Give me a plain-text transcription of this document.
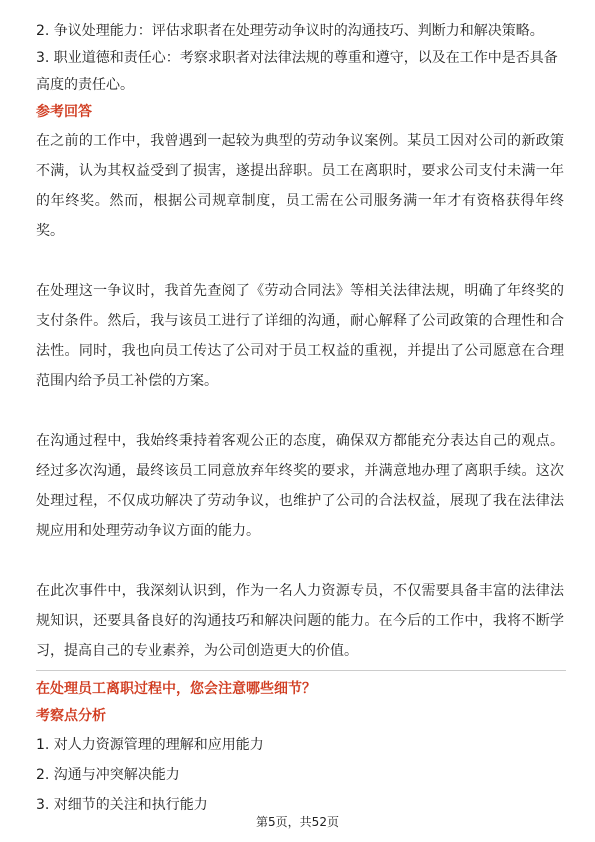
2. 争议处理能力：评估求职者在处理劳动争议时的沟通技巧、判断力和解决策略。

3. 职业道德和责任心：考察求职者对法律法规的尊重和遵守，以及在工作中是否具备高度的责任心。

参考回答

在之前的工作中，我曾遇到一起较为典型的劳动争议案例。某员工因对公司的新政策不满，认为其权益受到了损害，遂提出辞职。员工在离职时，要求公司支付未满一年的年终奖。然而，根据公司规章制度，员工需在公司服务满一年才有资格获得年终奖。

在处理这一争议时，我首先查阅了《劳动合同法》等相关法律法规，明确了年终奖的支付条件。然后，我与该员工进行了详细的沟通，耐心解释了公司政策的合理性和合法性。同时，我也向员工传达了公司对于员工权益的重视，并提出了公司愿意在合理范围内给予员工补偿的方案。

在沟通过程中，我始终秉持着客观公正的态度，确保双方都能充分表达自己的观点。经过多次沟通，最终该员工同意放弃年终奖的要求，并满意地办理了离职手续。这次处理过程，不仅成功解决了劳动争议，也维护了公司的合法权益，展现了我在法律法规应用和处理劳动争议方面的能力。

在此次事件中，我深刻认识到，作为一名人力资源专员，不仅需要具备丰富的法律法规知识，还要具备良好的沟通技巧和解决问题的能力。在今后的工作中，我将不断学习，提高自己的专业素养，为公司创造更大的价值。

在处理员工离职过程中，您会注意哪些细节？

考察点分析

1. 对人力资源管理的理解和应用能力

2. 沟通与冲突解决能力

3. 对细节的关注和执行能力

第5页，共52页
